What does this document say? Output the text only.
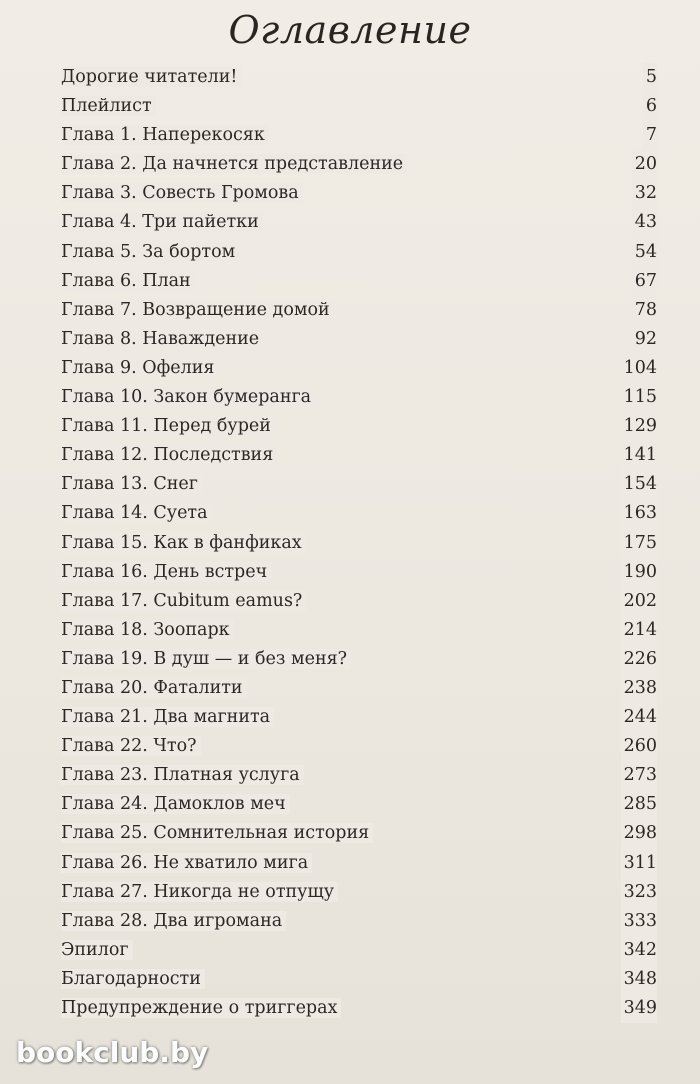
Оглавление
Дорогие читатели!	5
Плейлист	6
Глава 1. Наперекосяк	7
Глава 2. Да начнется представление	20
Глава 3. Совесть Громова	32
Глава 4. Три пайетки	43
Глава 5. За бортом	54
Глава 6. План	67
Глава 7. Возвращение домой	78
Глава 8. Наваждение	92
Глава 9. Офелия	104
Глава 10. Закон бумеранга	115
Глава 11. Перед бурей	129
Глава 12. Последствия	141
Глава 13. Снег	154
Глава 14. Суета	163
Глава 15. Как в фанфиках	175
Глава 16. День встреч	190
Глава 17. Cubitum eamus?	202
Глава 18. Зоопарк	214
Глава 19. В душ — и без меня?	226
Глава 20. Фаталити	238
Глава 21. Два магнита	244
Глава 22. Что?	260
Глава 23. Платная услуга	273
Глава 24. Дамоклов меч	285
Глава 25. Сомнительная история	298
Глава 26. Не хватило мига	311
Глава 27. Никогда не отпущу	323
Глава 28. Два игромана	333
Эпилог	342
Благодарности	348
Предупреждение о триггерах	349
bookclub.by
